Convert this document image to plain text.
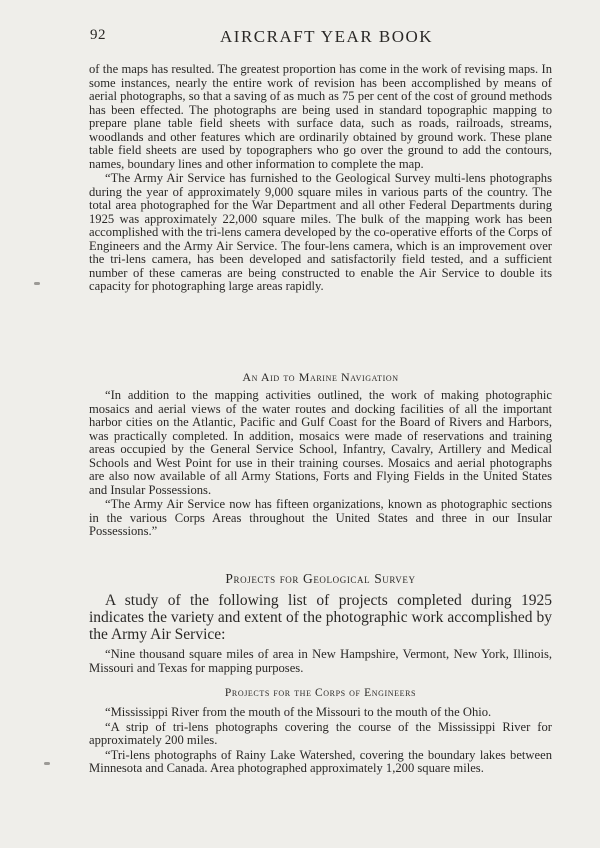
92	AIRCRAFT YEAR BOOK

of the maps has resulted. The greatest proportion has come in the work of revising maps. In some instances, nearly the entire work of revision has been accomplished by means of aerial photographs, so that a saving of as much as 75 per cent of the cost of ground methods has been effected. The photographs are being used in standard topographic mapping to prepare plane table field sheets with surface data, such as roads, railroads, streams, woodlands and other features which are ordinarily obtained by ground work. These plane table field sheets are used by topographers who go over the ground to add the contours, names, boundary lines and other information to complete the map.

“The Army Air Service has furnished to the Geological Survey multi-lens photographs during the year of approximately 9,000 square miles in various parts of the country. The total area photographed for the War Department and all other Federal Departments during 1925 was approximately 22,000 square miles. The bulk of the mapping work has been accomplished with the tri-lens camera developed by the co-operative efforts of the Corps of Engineers and the Army Air Service. The four-lens camera, which is an improvement over the tri-lens camera, has been developed and satisfactorily field tested, and a sufficient number of these cameras are being constructed to enable the Air Service to double its capacity for photographing large areas rapidly.

An Aid to Marine Navigation

“In addition to the mapping activities outlined, the work of making photographic mosaics and aerial views of the water routes and docking facilities of all the important harbor cities on the Atlantic, Pacific and Gulf Coast for the Board of Rivers and Harbors, was practically completed. In addition, mosaics were made of reservations and training areas occupied by the General Service School, Infantry, Cavalry, Artillery and Medical Schools and West Point for use in their training courses. Mosaics and aerial photographs are also now available of all Army Stations, Forts and Flying Fields in the United States and Insular Possessions.

“The Army Air Service now has fifteen organizations, known as photographic sections in the various Corps Areas throughout the United States and three in our Insular Possessions.”

Projects for Geological Survey

A study of the following list of projects completed during 1925 indicates the variety and extent of the photographic work accomplished by the Army Air Service:

“Nine thousand square miles of area in New Hampshire, Vermont, New York, Illinois, Missouri and Texas for mapping purposes.

Projects for the Corps of Engineers

“Mississippi River from the mouth of the Missouri to the mouth of the Ohio.

“A strip of tri-lens photographs covering the course of the Mississippi River for approximately 200 miles.

“Tri-lens photographs of Rainy Lake Watershed, covering the boundary lakes between Minnesota and Canada. Area photographed approximately 1,200 square miles.
